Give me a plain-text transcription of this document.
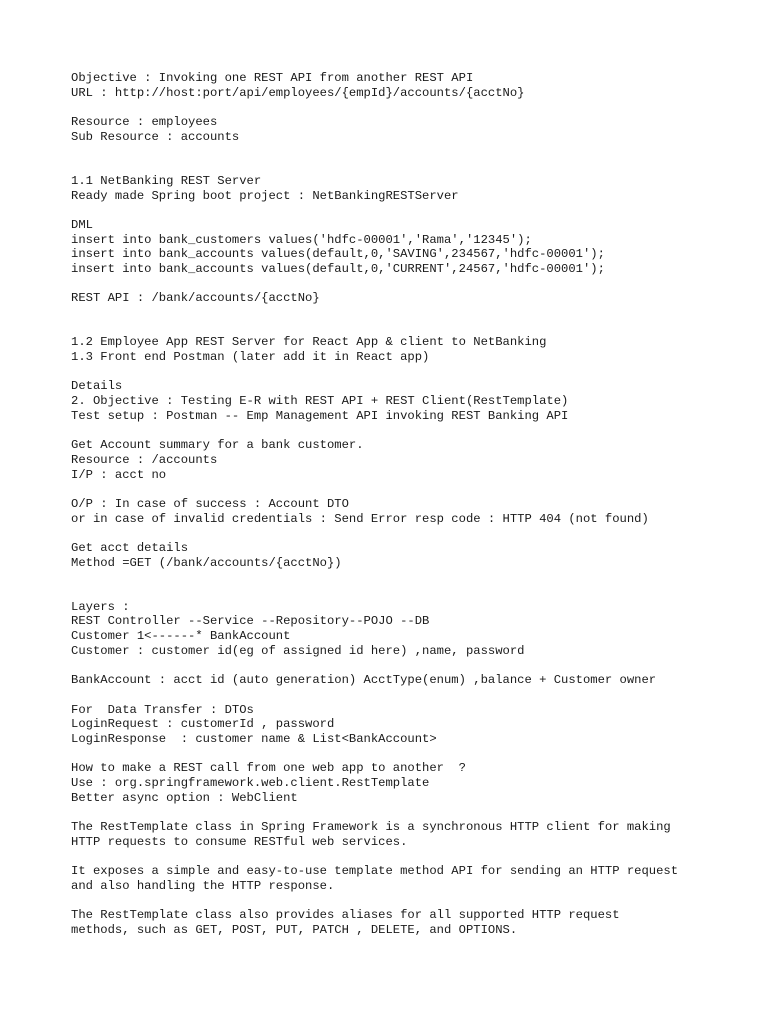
Objective : Invoking one REST API from another REST API
URL : http://host:port/api/employees/{empId}/accounts/{acctNo}
Resource : employees
Sub Resource : accounts
1.1 NetBanking REST Server
Ready made Spring boot project : NetBankingRESTServer
DML
insert into bank_customers values('hdfc-00001','Rama','12345');
insert into bank_accounts values(default,0,'SAVING',234567,'hdfc-00001');
insert into bank_accounts values(default,0,'CURRENT',24567,'hdfc-00001');
REST API : /bank/accounts/{acctNo}
1.2 Employee App REST Server for React App & client to NetBanking
1.3 Front end Postman (later add it in React app)
Details
2. Objective : Testing E-R with REST API + REST Client(RestTemplate)
Test setup : Postman -- Emp Management API invoking REST Banking API
Get Account summary for a bank customer.
Resource : /accounts
I/P : acct no
O/P : In case of success : Account DTO
or in case of invalid credentials : Send Error resp code : HTTP 404 (not found)
Get acct details
Method =GET (/bank/accounts/{acctNo})
Layers :
REST Controller --Service --Repository--POJO --DB
Customer 1<------* BankAccount
Customer : customer id(eg of assigned id here) ,name, password
BankAccount : acct id (auto generation) AcctType(enum) ,balance + Customer owner
For  Data Transfer : DTOs
LoginRequest : customerId , password
LoginResponse  : customer name & List<BankAccount>
How to make a REST call from one web app to another  ?
Use : org.springframework.web.client.RestTemplate
Better async option : WebClient
The RestTemplate class in Spring Framework is a synchronous HTTP client for making
HTTP requests to consume RESTful web services.
It exposes a simple and easy-to-use template method API for sending an HTTP request
and also handling the HTTP response.
The RestTemplate class also provides aliases for all supported HTTP request
methods, such as GET, POST, PUT, PATCH , DELETE, and OPTIONS.
